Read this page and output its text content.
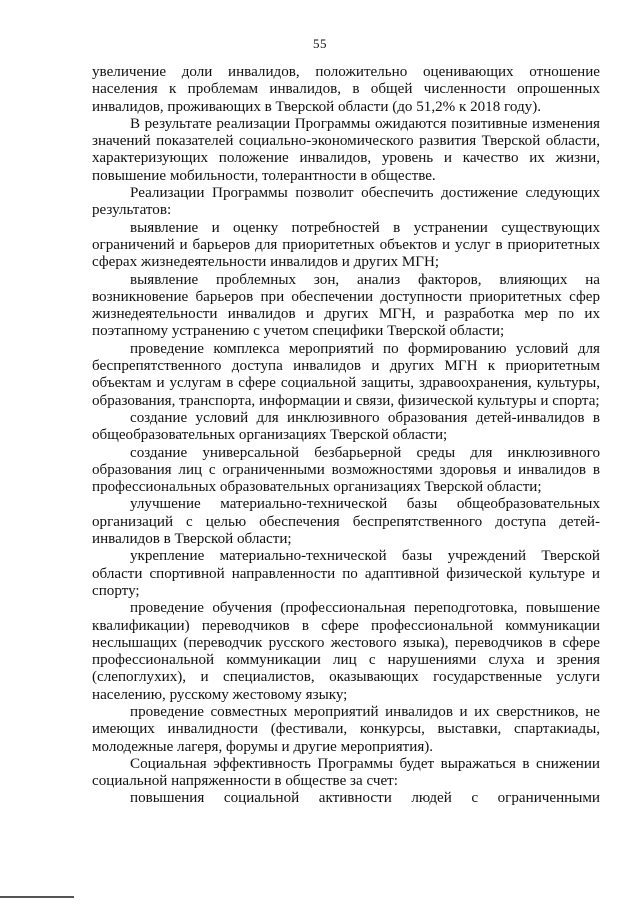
55

увеличение доли инвалидов, положительно оценивающих отношение населения к проблемам инвалидов, в общей численности опрошенных инвалидов, проживающих в Тверской области (до 51,2% к 2018 году).

В результате реализации Программы ожидаются позитивные изменения значений показателей социально-экономического развития Тверской области, характеризующих положение инвалидов, уровень и качество их жизни, повышение мобильности, толерантности в обществе.

Реализации Программы позволит обеспечить достижение следующих результатов:

выявление и оценку потребностей в устранении существующих ограничений и барьеров для приоритетных объектов и услуг в приоритетных сферах жизнедеятельности инвалидов и других МГН;

выявление проблемных зон, анализ факторов, влияющих на возникновение барьеров при обеспечении доступности приоритетных сфер жизнедеятельности инвалидов и других МГН, и разработка мер по их поэтапному устранению с учетом специфики Тверской области;

проведение комплекса мероприятий по формированию условий для беспрепятственного доступа инвалидов и других МГН к приоритетным объектам и услугам в сфере социальной защиты, здравоохранения, культуры, образования, транспорта, информации и связи, физической культуры и спорта;

создание условий для инклюзивного образования детей-инвалидов в общеобразовательных организациях Тверской области;

создание универсальной безбарьерной среды для инклюзивного образования лиц с ограниченными возможностями здоровья и инвалидов в профессиональных образовательных организациях Тверской области;

улучшение материально-технической базы общеобразовательных организаций с целью обеспечения беспрепятственного доступа детей-инвалидов в Тверской области;

укрепление материально-технической базы учреждений Тверской области спортивной направленности по адаптивной физической культуре и спорту;

проведение обучения (профессиональная переподготовка, повышение квалификации) переводчиков в сфере профессиональной коммуникации неслышащих (переводчик русского жестового языка), переводчиков в сфере профессиональной коммуникации лиц с нарушениями слуха и зрения (слепоглухих), и специалистов, оказывающих государственные услуги населению, русскому жестовому языку;

проведение совместных мероприятий инвалидов и их сверстников, не имеющих инвалидности (фестивали, конкурсы, выставки, спартакиады, молодежные лагеря, форумы и другие мероприятия).

Социальная эффективность Программы будет выражаться в снижении социальной напряженности в обществе за счет:

повышения социальной активности людей с ограниченными
